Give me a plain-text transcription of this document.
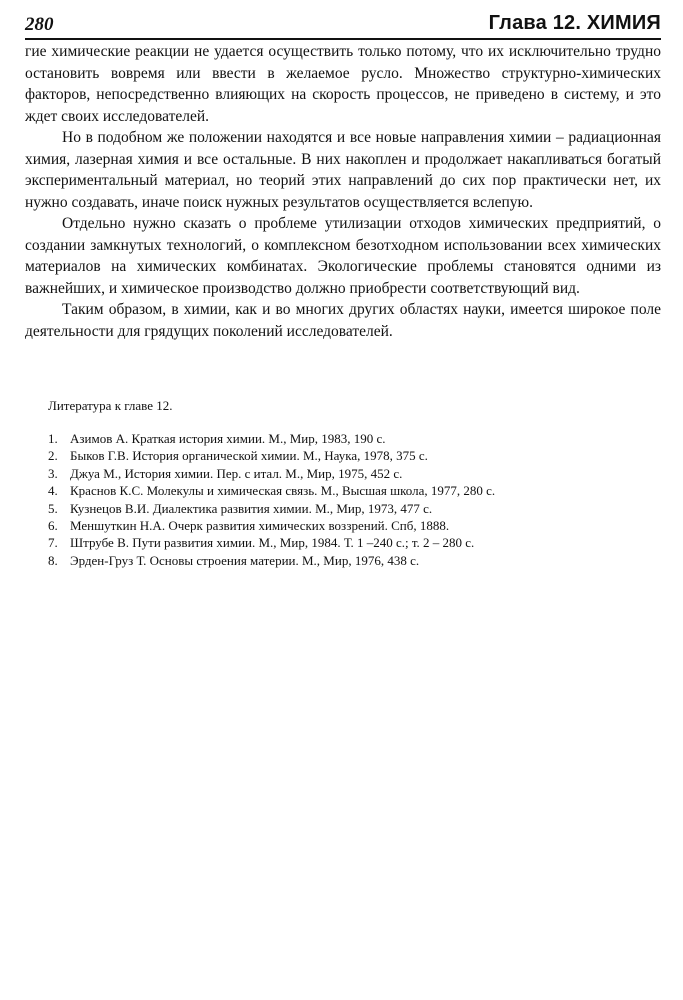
280	Глава 12. ХИМИЯ

гие химические реакции не удается осуществить только потому, что их исключительно трудно остановить вовремя или ввести в желаемое русло. Множество структурно-химических факторов, непосредственно влияющих на скорость процессов, не приведено в систему, и это ждет своих исследователей.

Но в подобном же положении находятся и все новые направления химии – радиационная химия, лазерная химия и все остальные. В них накоплен и продолжает накапливаться богатый экспериментальный материал, но теорий этих направлений до сих пор практически нет, их нужно создавать, иначе поиск нужных результатов осуществляется вслепую.

Отдельно нужно сказать о проблеме утилизации отходов химических предприятий, о создании замкнутых технологий, о комплексном безотходном использовании всех химических материалов на химических комбинатах. Экологические проблемы становятся одними из важнейших, и химическое производство должно приобрести соответствующий вид.

Таким образом, в химии, как и во многих других областях науки, имеется широкое поле деятельности для грядущих поколений исследователей.

Литература к главе 12.
1. Азимов А. Краткая история химии. М., Мир, 1983, 190 с.
2. Быков Г.В. История органической химии. М., Наука, 1978, 375 с.
3. Джуа М., История химии. Пер. с итал. М., Мир, 1975, 452 с.
4. Краснов К.С. Молекулы и химическая связь. М., Высшая школа, 1977, 280 с.
5. Кузнецов В.И. Диалектика развития химии. М., Мир, 1973, 477 с.
6. Меншуткин Н.А. Очерк развития химических воззрений. Спб, 1888.
7. Штрубе В. Пути развития химии. М., Мир, 1984. Т. 1 –240 с.; т. 2 – 280 с.
8. Эрден-Груз Т. Основы строения материи. М., Мир, 1976, 438 с.
